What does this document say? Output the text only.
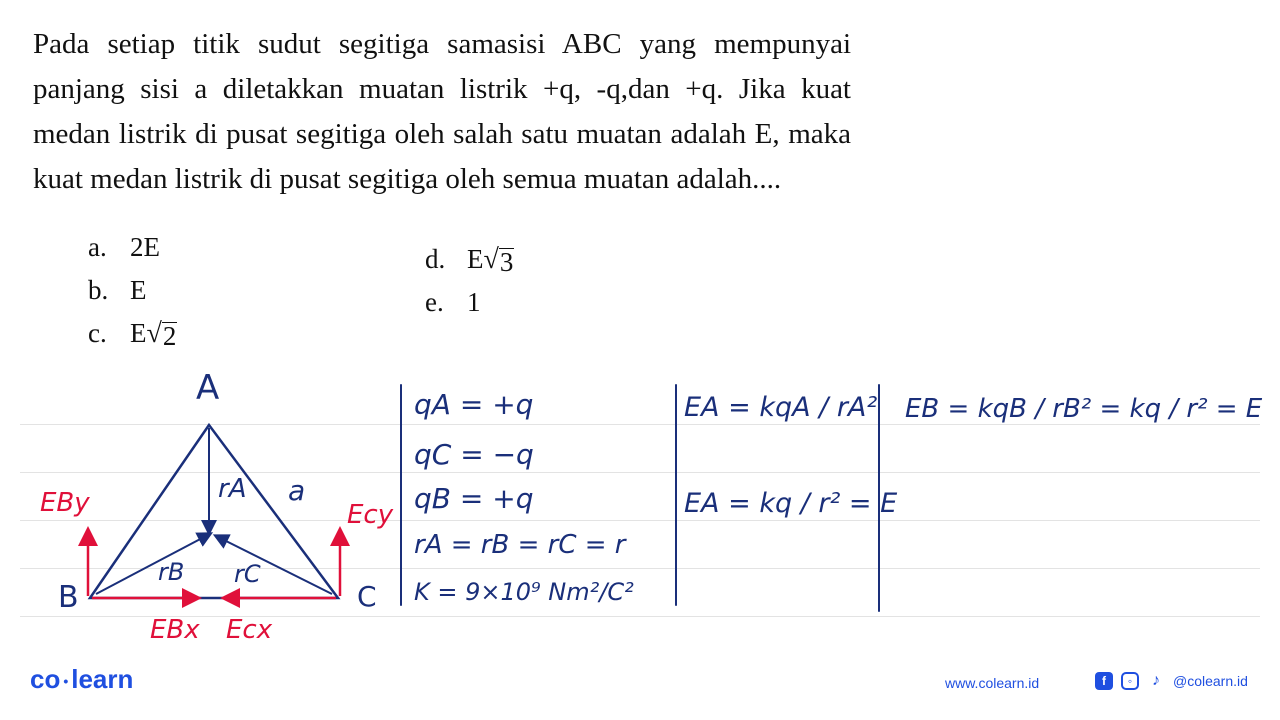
Pada setiap titik sudut segitiga samasisi ABC yang mempunyai panjang sisi a diletakkan muatan listrik +q, -q,dan +q. Jika kuat medan listrik di pusat segitiga oleh salah satu muatan adalah E, maka kuat medan listrik di pusat segitiga oleh semua muatan adalah....
a. 2E
b. E
c. E √ 2
d. E √ 3
e. 1
A
B	C
a
rA
rB rC
EBy	Ecy
EBx Ecx
qA = +q
qC = −q
qB = +q
rA = rB = rC = r
K = 9×10⁹ Nm²/C²
EA = kqA / rA²
EA = kq / r² = E
EB = kqB / rB² = kq / r² = E
co • learn	www.colearn.id	f	◦	♪ @colearn.id
